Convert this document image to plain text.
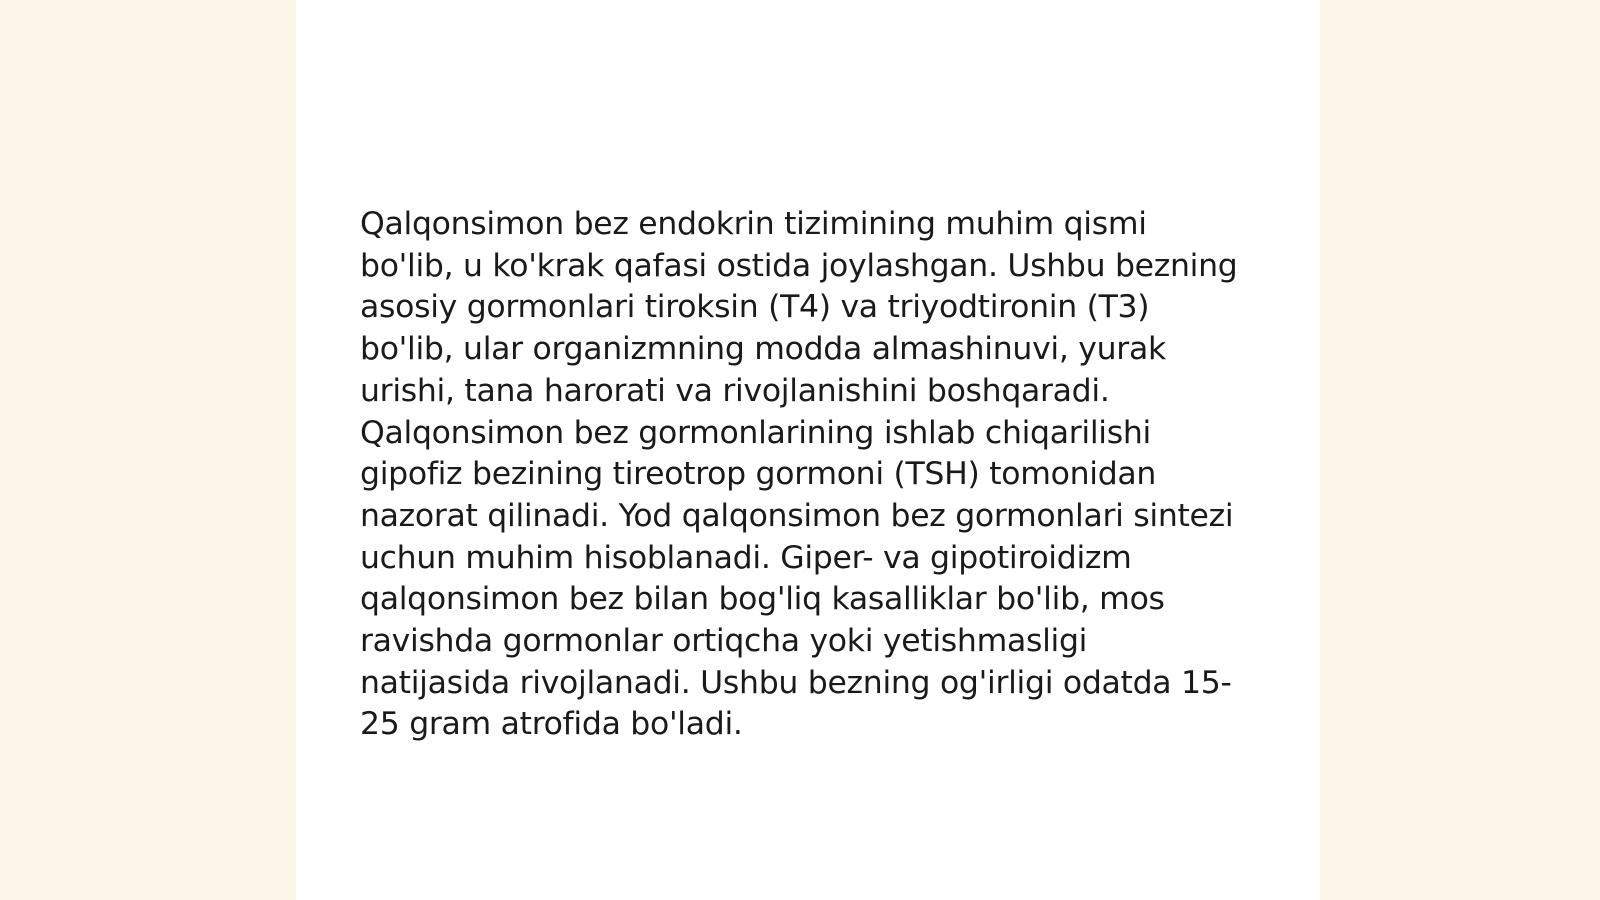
Qalqonsimon bez endokrin tizimining muhim qismi bo'lib, u ko'krak qafasi ostida joylashgan. Ushbu bezning asosiy gormonlari tiroksin (T4) va triyodtironin (T3) bo'lib, ular organizmning modda almashinuvi, yurak urishi, tana harorati va rivojlanishini boshqaradi. Qalqonsimon bez gormonlarining ishlab chiqarilishi gipofiz bezining tireotrop gormoni (TSH) tomonidan nazorat qilinadi. Yod qalqonsimon bez gormonlari sintezi uchun muhim hisoblanadi. Giper- va gipotiroidizm qalqonsimon bez bilan bog'liq kasalliklar bo'lib, mos ravishda gormonlar ortiqcha yoki yetishmasligi natijasida rivojlanadi. Ushbu bezning og'irligi odatda 15-25 gram atrofida bo'ladi.
